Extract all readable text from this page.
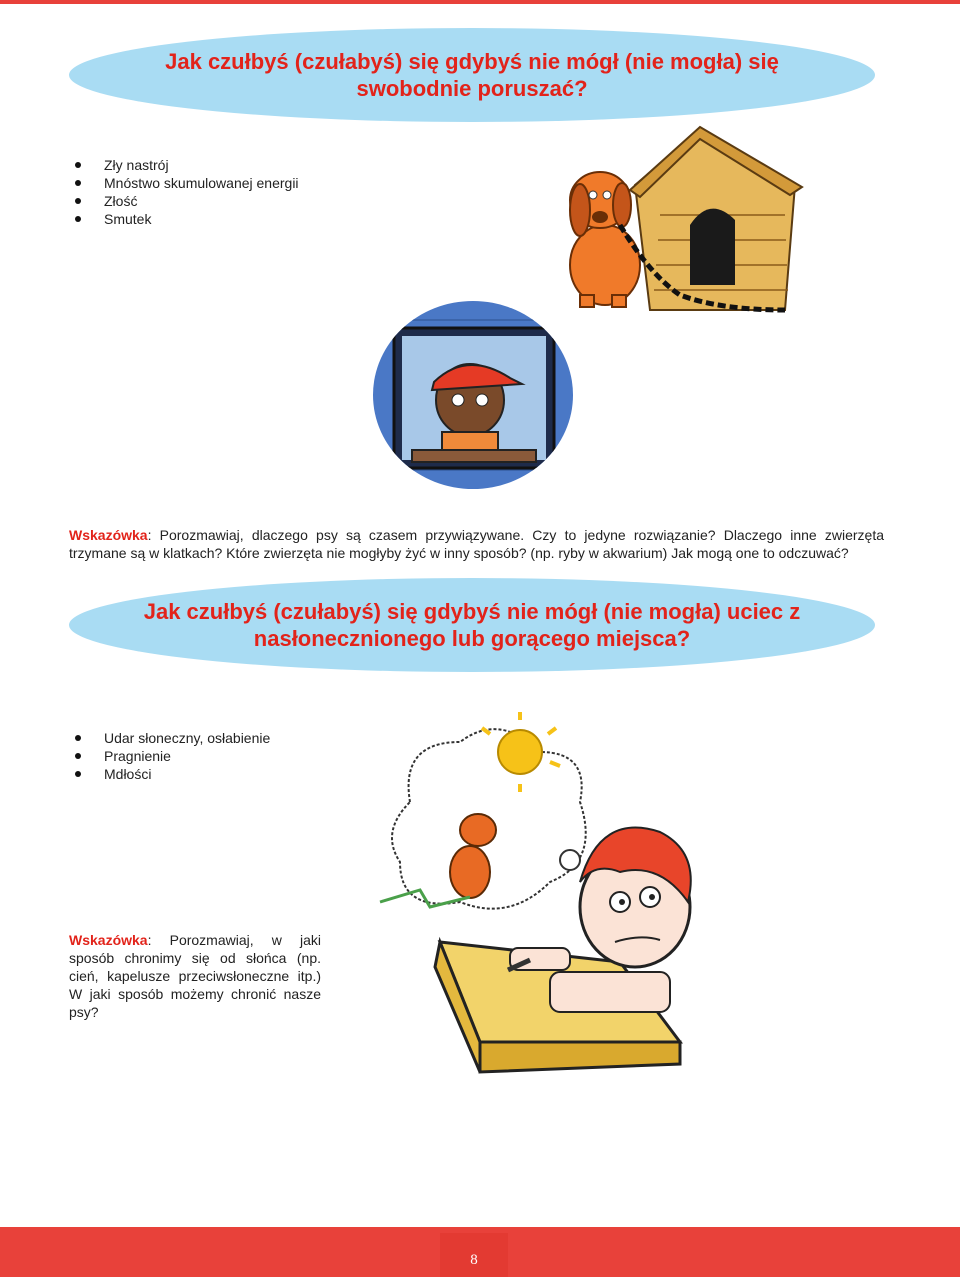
Jak czułbyś (czułabyś) się gdybyś nie mógł (nie mogła) się swobodnie poruszać?
Zły nastrój
Mnóstwo skumulowanej energii
Złość
Smutek

Wskazówka: Porozmawiaj, dlaczego psy są czasem przywiązywane. Czy to jedyne rozwiązanie? Dlaczego inne zwierzęta trzymane są w klatkach? Które zwierzęta nie mogłyby żyć w inny sposób? (np. ryby w akwarium) Jak mogą one to odczuwać?

Jak czułbyś (czułabyś) się gdybyś nie mógł (nie mogła) uciec z nasłonecznionego lub gorącego miejsca?
Udar słoneczny, osłabienie
Pragnienie
Mdłości

Wskazówka: Porozmawiaj, w jaki sposób chronimy się od słońca (np. cień, kapelusze przeciwsłoneczne itp.) W jaki sposób możemy chronić nasze psy?

8
